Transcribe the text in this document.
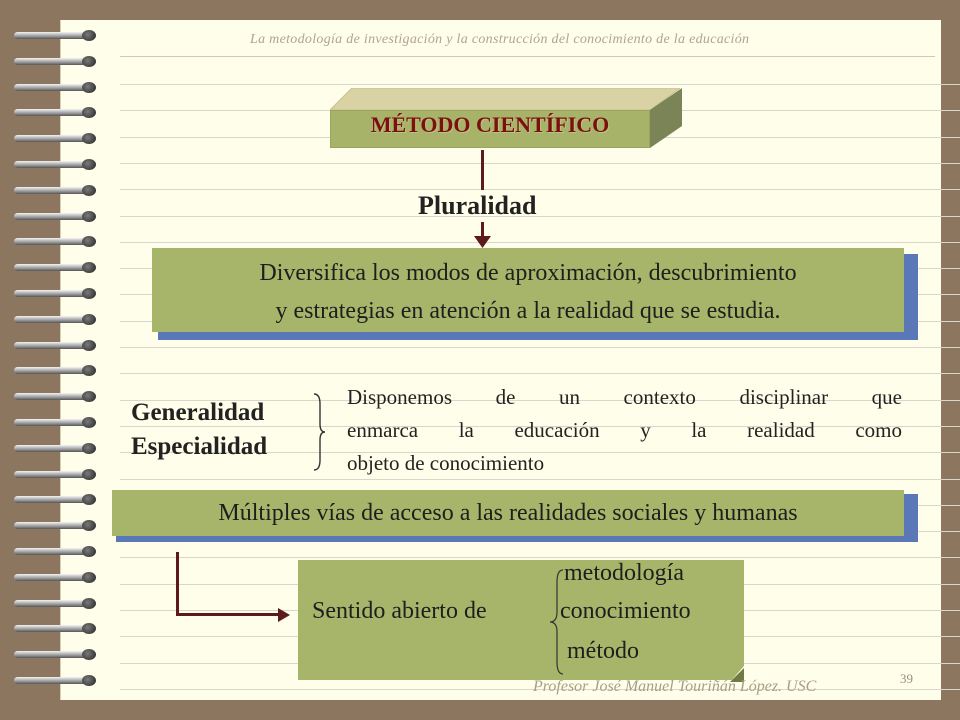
La metodología de investigación y la construcción del conocimiento de la educación
MÉTODO CIENTÍFICO
Pluralidad
Diversifica los modos de aproximación, descubrimiento
y estrategias en atención a la realidad que se estudia.
Generalidad
Especialidad
Disponemos de un contexto disciplinar que
enmarca la educación y la realidad como
objeto de conocimiento
Múltiples vías de acceso a las realidades sociales y humanas
Sentido abierto de
metodología
conocimiento
método
39
Profesor José Manuel Touriñán López. USC
